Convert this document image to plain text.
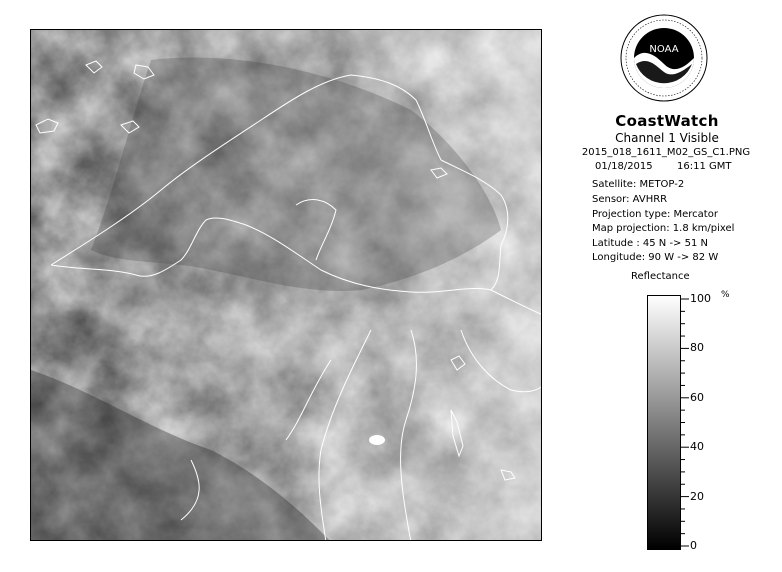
NOAA
CoastWatch
Channel 1 Visible
2015_018_1611_M02_GS_C1.PNG
01/18/2015 16:11 GMT
Satellite: METOP-2
Sensor: AVHRR
Projection type: Mercator
Map projection: 1.8 km/pixel
Latitude : 45 N -> 51 N
Longitude: 90 W -> 82 W
Reflectance
%
100
80
60
40
20
0
